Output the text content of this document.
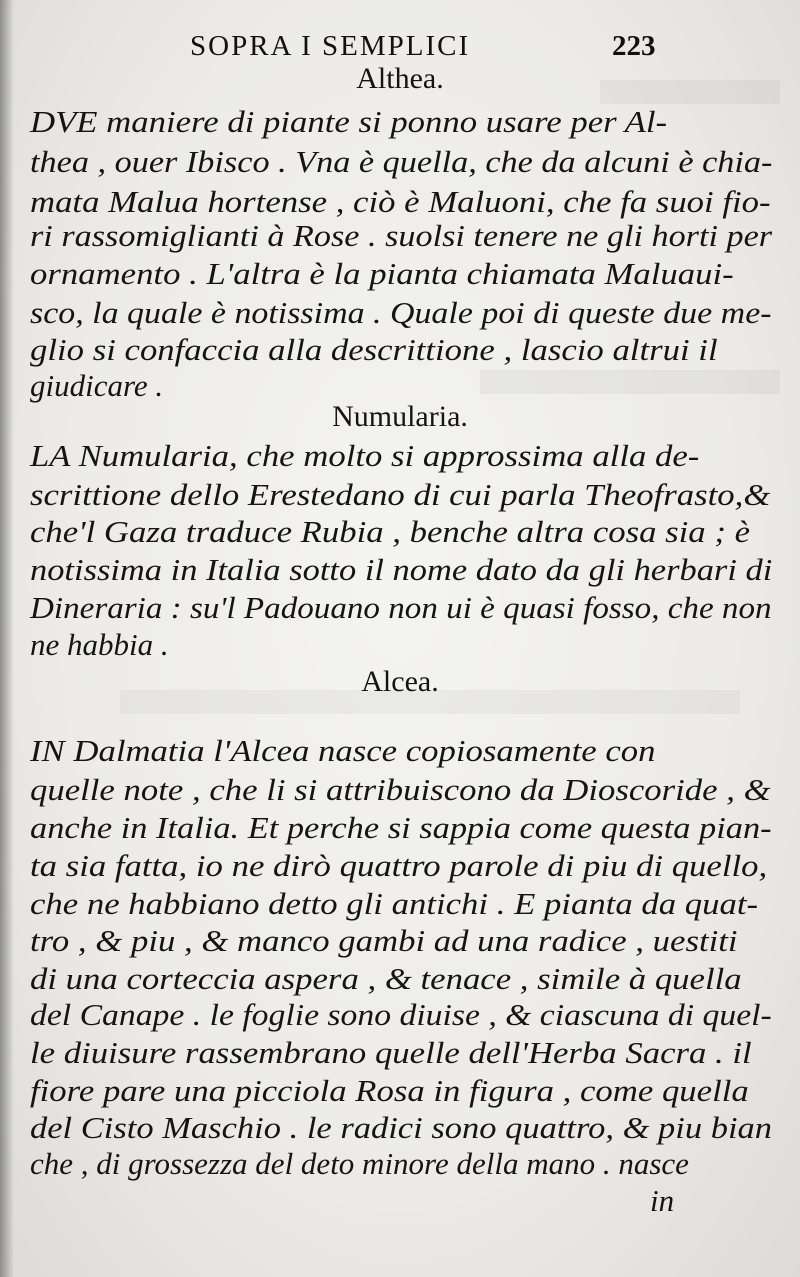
SOPRA I SEMPLICI	223
Althea.

DVE maniere di piante si ponno usare per Al-

thea , ouer Ibisco . Vna è quella, che da alcuni è chia-

mata Malua hortense , ciò è Maluoni, che fa suoi fio-

ri rassomiglianti à Rose . suolsi tenere ne gli horti per

ornamento . L'altra è la pianta chiamata Maluaui-

sco, la quale è notissima . Quale poi di queste due me-

glio si confaccia alla descrittione , lascio altrui il

giudicare .

Numularia.

LA Numularia, che molto si approssima alla de-

scrittione dello Erestedano di cui parla Theofrasto,&

che'l Gaza traduce Rubia , benche altra cosa sia ; è

notissima in Italia sotto il nome dato da gli herbari di

Dineraria : su'l Padouano non ui è quasi fosso, che non

ne habbia .

Alcea.

IN Dalmatia l'Alcea nasce copiosamente con

quelle note , che li si attribuiscono da Dioscoride , &

anche in Italia. Et perche si sappia come questa pian-

ta sia fatta, io ne dirò quattro parole di piu di quello,

che ne habbiano detto gli antichi . E pianta da quat-

tro , & piu , & manco gambi ad una radice , uestiti

di una corteccia aspera , & tenace , simile à quella

del Canape . le foglie sono diuise , & ciascuna di quel-

le diuisure rassembrano quelle dell'Herba Sacra . il

fiore pare una picciola Rosa in figura , come quella

del Cisto Maschio . le radici sono quattro, & piu bian

che , di grossezza del deto minore della mano . nasce

in
